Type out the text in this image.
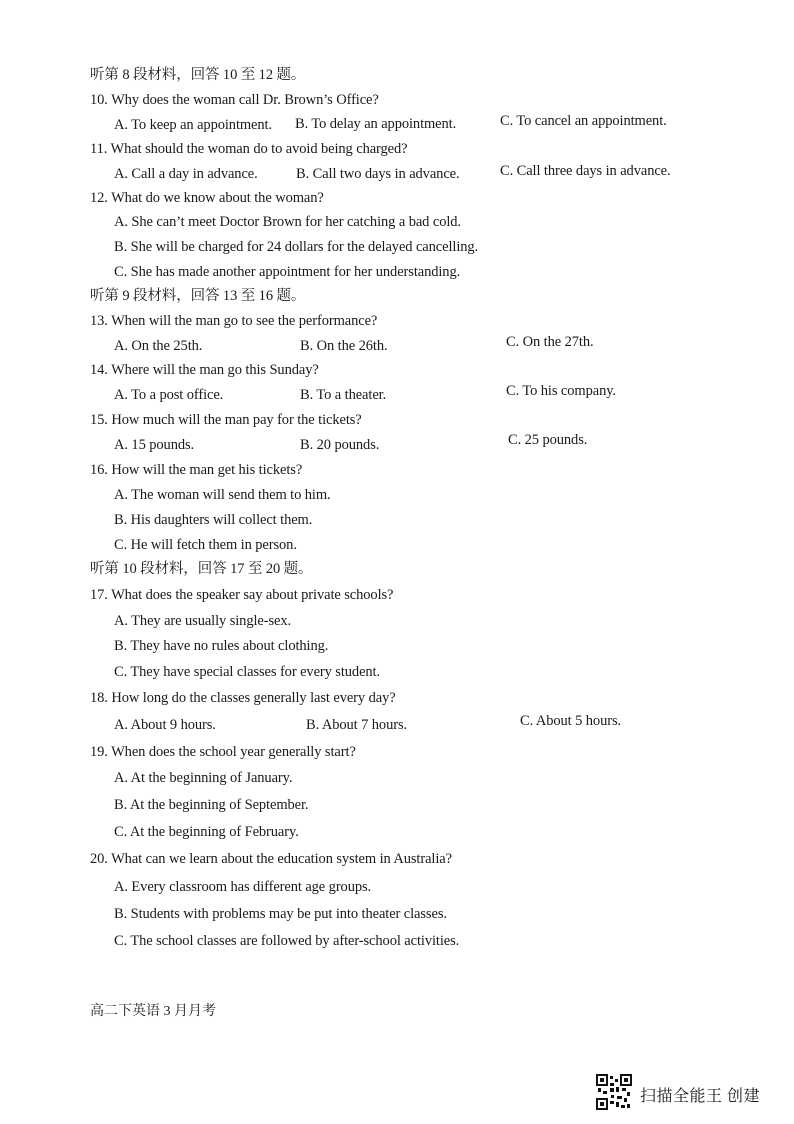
听第 8 段材料，回答 10 至 12 题。
10. Why does the woman call Dr. Brown’s Office?
A. To keep an appointment. B. To delay an appointment.	C. To cancel an appointment.
11. What should the woman do to avoid being charged?
A. Call a day in advance.	B. Call two days in advance.	C. Call three days in advance.
12. What do we know about the woman?
A. She can’t meet Doctor Brown for her catching a bad cold.
B. She will be charged for 24 dollars for the delayed cancelling.
C. She has made another appointment for her understanding.
听第 9 段材料，回答 13 至 16 题。
13. When will the man go to see the performance?
A. On the 25th.	B. On the 26th.	C. On the 27th.
14. Where will the man go this Sunday?
A. To a post office.	B. To a theater.	C. To his company.
15. How much will the man pay for the tickets?
A. 15 pounds.	B. 20 pounds.	C. 25 pounds.
16. How will the man get his tickets?
A. The woman will send them to him.
B. His daughters will collect them.
C. He will fetch them in person.
听第 10 段材料，回答 17 至 20 题。
17. What does the speaker say about private schools?
A. They are usually single-sex.
B. They have no rules about clothing.
C. They have special classes for every student.
18. How long do the classes generally last every day?
A. About 9 hours.	B. About 7 hours.	C. About 5 hours.
19. When does the school year generally start?
A. At the beginning of January.
B. At the beginning of September.
C. At the beginning of February.
20. What can we learn about the education system in Australia?
A. Every classroom has different age groups.
B. Students with problems may be put into theater classes.
C. The school classes are followed by after-school activities.
高二下英语 3 月月考
扫描全能王 创建
